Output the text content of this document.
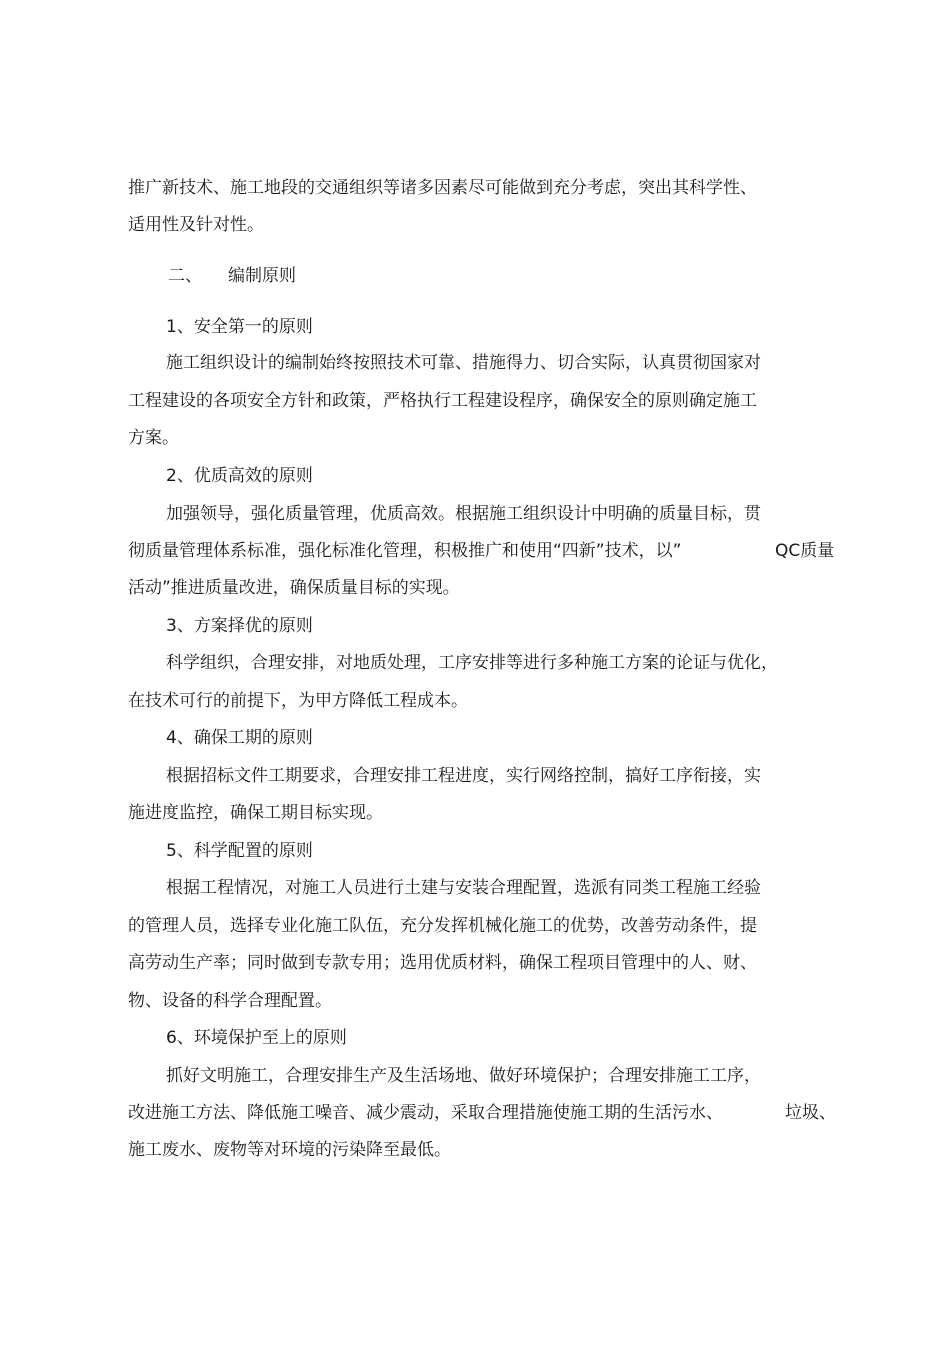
推广新技术、施工地段的交通组织等诸多因素尽可能做到充分考虑，突出其科学性、
适用性及针对性。
二、 编制原则
1、安全第一的原则
施工组织设计的编制始终按照技术可靠、措施得力、切合实际，认真贯彻国家对
工程建设的各项安全方针和政策，严格执行工程建设程序，确保安全的原则确定施工
方案。
2、优质高效的原则
加强领导，强化质量管理，优质高效。根据施工组织设计中明确的质量目标，贯
彻质量管理体系标准，强化标准化管理，积极推广和使用“四新”技术，以”	QC质量
活动”推进质量改进，确保质量目标的实现。
3、方案择优的原则
科学组织，合理安排，对地质处理，工序安排等进行多种施工方案的论证与优化，
在技术可行的前提下，为甲方降低工程成本。
4、确保工期的原则
根据招标文件工期要求，合理安排工程进度，实行网络控制，搞好工序衔接，实
施进度监控，确保工期目标实现。
5、科学配置的原则
根据工程情况，对施工人员进行土建与安装合理配置，选派有同类工程施工经验
的管理人员，选择专业化施工队伍，充分发挥机械化施工的优势，改善劳动条件，提
高劳动生产率；同时做到专款专用；选用优质材料，确保工程项目管理中的人、财、
物、设备的科学合理配置。
6、环境保护至上的原则
抓好文明施工，合理安排生产及生活场地、做好环境保护；合理安排施工工序，
改进施工方法、降低施工噪音、减少震动，采取合理措施使施工期的生活污水、	垃圾、
施工废水、废物等对环境的污染降至最低。
